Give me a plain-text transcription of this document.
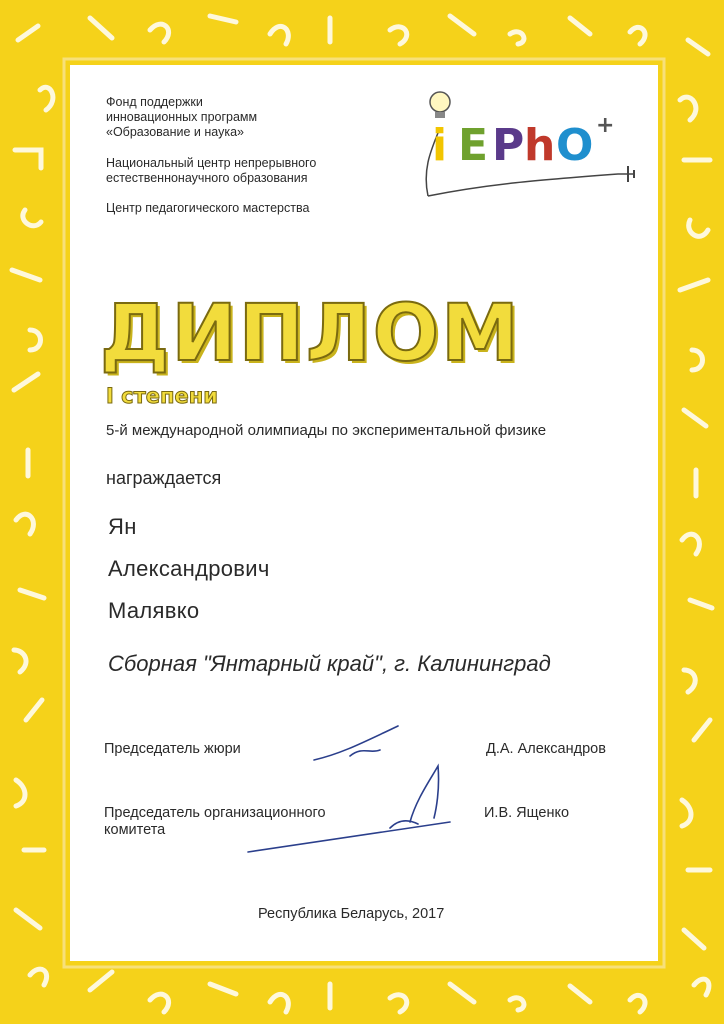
Фонд поддержки
инновационных программ
«Образование и наука»
Национальный центр непрерывного
естественнонаучного образования
Центр педагогического мастерства
i E P h O +
ДИПЛОМ
I степени
5-й международной олимпиады по экспериментальной физике
награждается
Ян
Александрович
Малявко
Сборная "Янтарный край", г. Калининград
Председатель жюри	Д.А. Александров
Председатель организационного
комитета
И.В. Ященко
Республика Беларусь, 2017
